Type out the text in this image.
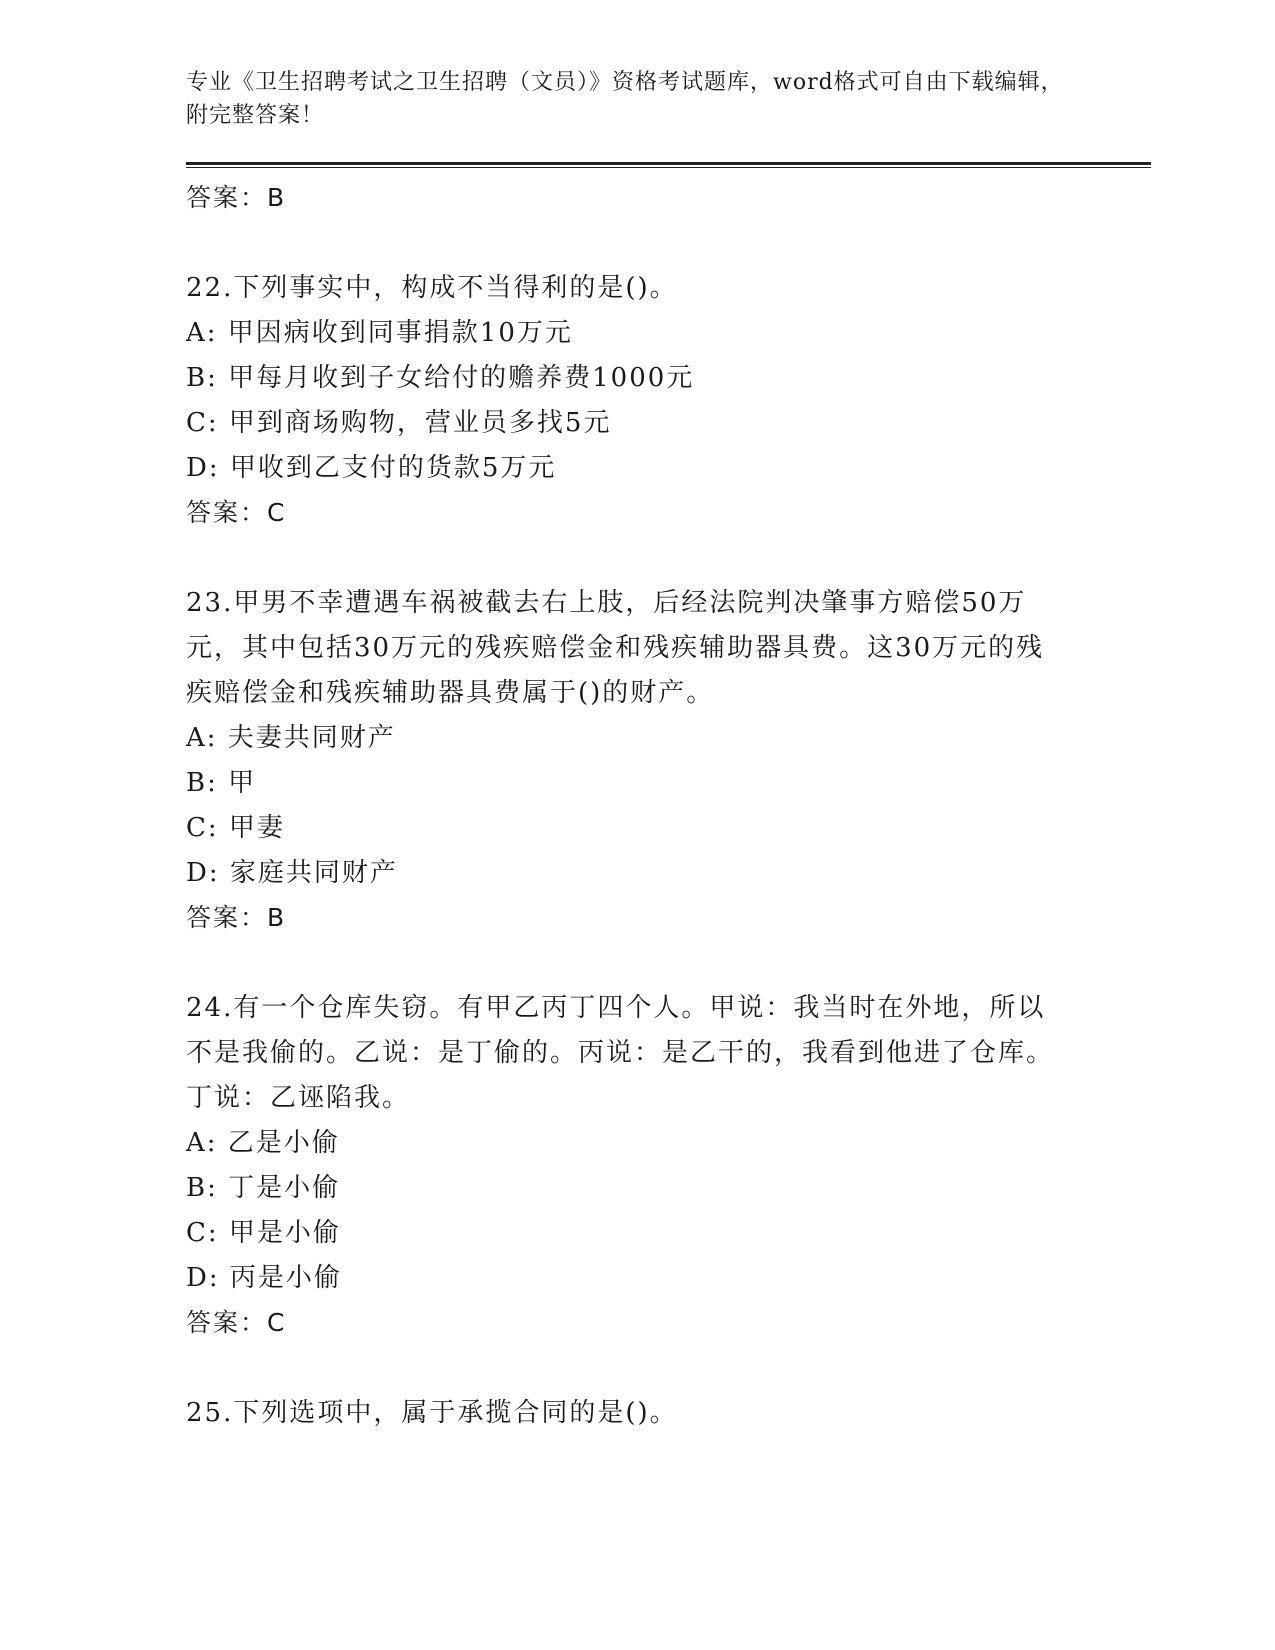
专业《卫生招聘考试之卫生招聘（文员）》资格考试题库，word格式可自由下载编辑，附完整答案！

答案：B

22.下列事实中，构成不当得利的是()。

A: 甲因病收到同事捐款10万元

B: 甲每月收到子女给付的赡养费1000元

C: 甲到商场购物，营业员多找5元

D: 甲收到乙支付的货款5万元

答案：C

23.甲男不幸遭遇车祸被截去右上肢，后经法院判决肇事方赔偿50万元，其中包括30万元的残疾赔偿金和残疾辅助器具费。这30万元的残疾赔偿金和残疾辅助器具费属于()的财产。

A: 夫妻共同财产

B: 甲

C: 甲妻

D: 家庭共同财产

答案：B

24.有一个仓库失窃。有甲乙丙丁四个人。甲说：我当时在外地，所以不是我偷的。乙说：是丁偷的。丙说：是乙干的，我看到他进了仓库。丁说：乙诬陷我。

A: 乙是小偷

B: 丁是小偷

C: 甲是小偷

D: 丙是小偷

答案：C

25.下列选项中，属于承揽合同的是()。
